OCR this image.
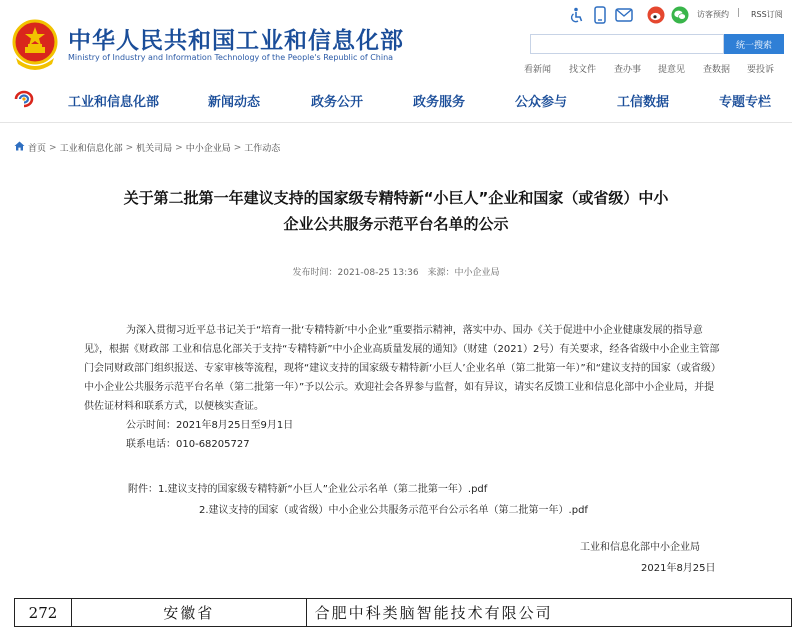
中华人民共和国工业和信息化部
Ministry of Industry and Information Technology of the People's Republic of China
访客预约 | RSS订阅
统一搜索
看新闻 找文件 查办事 提意见 查数据 要投诉
工业和信息化部	新闻动态	政务公开	政务服务	公众参与	工信数据	专题专栏
首页 > 工业和信息化部 > 机关司局 > 中小企业局 > 工作动态
关于第二批第一年建议支持的国家级专精特新“小巨人”企业和国家（或省级）中小
企业公共服务示范平台名单的公示
发布时间：2021-08-25 13:36 来源：中小企业局

为深入贯彻习近平总书记关于“培育一批‘专精特新’中小企业”重要指示精神，落实中办、国办《关于促进中小企业健康发展的指导意见》，根据《财政部 工业和信息化部关于支持“专精特新”中小企业高质量发展的通知》（财建（2021）2号）有关要求，经各省级中小企业主管部门会同财政部门组织报送、专家审核等流程，现将“建议支持的国家级专精特新‘小巨人’企业名单（第二批第一年）”和“建议支持的国家（或省级）中小企业公共服务示范平台名单（第二批第一年）”予以公示。欢迎社会各界参与监督，如有异议，请实名反馈工业和信息化部中小企业局，并提供佐证材料和联系方式，以便核实查证。

公示时间：2021年8月25日至9月1日

联系电话：010-68205727

附件：1.建议支持的国家级专精特新“小巨人”企业公示名单（第二批第一年）.pdf
2.建议支持的国家（或省级）中小企业公共服务示范平台公示名单（第二批第一年）.pdf
工业和信息化部中小企业局
2021年8月25日
272	安徽省	合肥中科类脑智能技术有限公司
